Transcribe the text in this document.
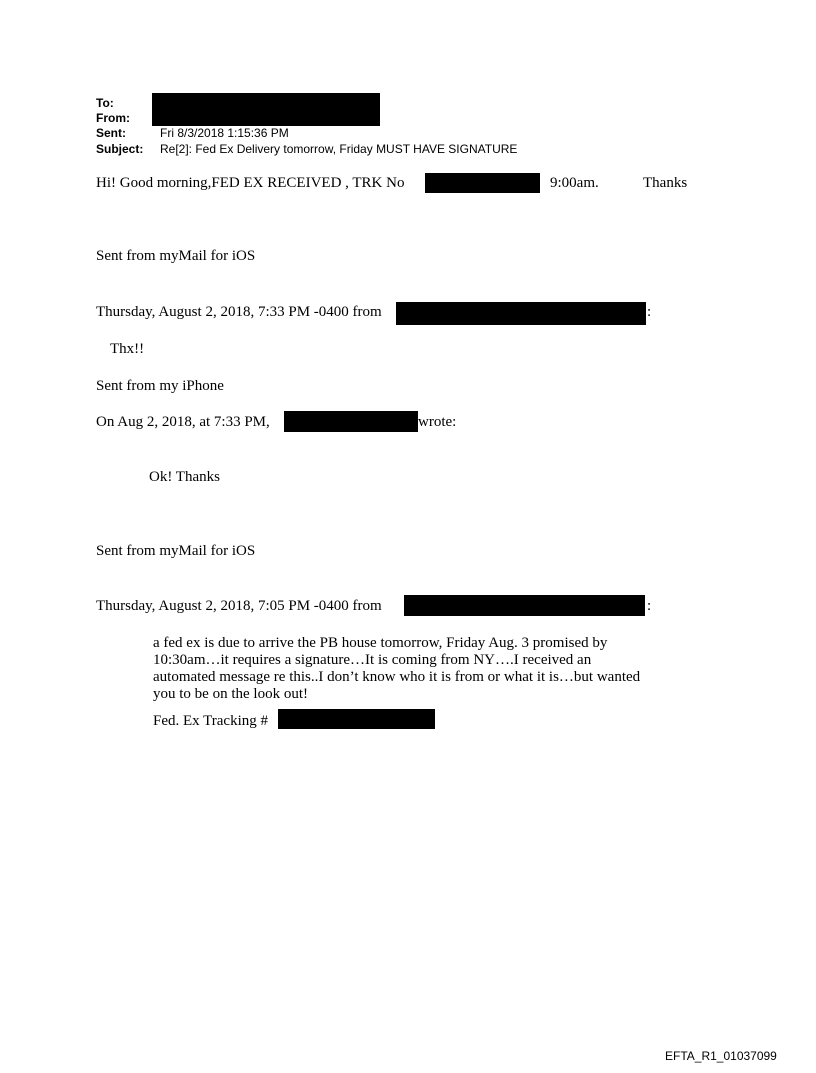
To:
From:
Sent:	Fri 8/3/2018 1:15:36 PM
Subject: Re[2]: Fed Ex Delivery tomorrow, Friday MUST HAVE SIGNATURE
Hi! Good morning,FED EX RECEIVED , TRK No	9:00am.	Thanks
Sent from myMail for iOS
Thursday, August 2, 2018, 7:33 PM -0400 from	:
Thx!!
Sent from my iPhone
On Aug 2, 2018, at 7:33 PM,	wrote:
Ok! Thanks
Sent from myMail for iOS
Thursday, August 2, 2018, 7:05 PM -0400 from	:
a fed ex is due to arrive the PB house tomorrow, Friday Aug. 3 promised by 10:30am…it requires a signature…It is coming from NY….I received an automated message re this..I don’t know who it is from or what it is…but wanted you to be on the look out!
Fed. Ex Tracking #
EFTA_R1_01037099
